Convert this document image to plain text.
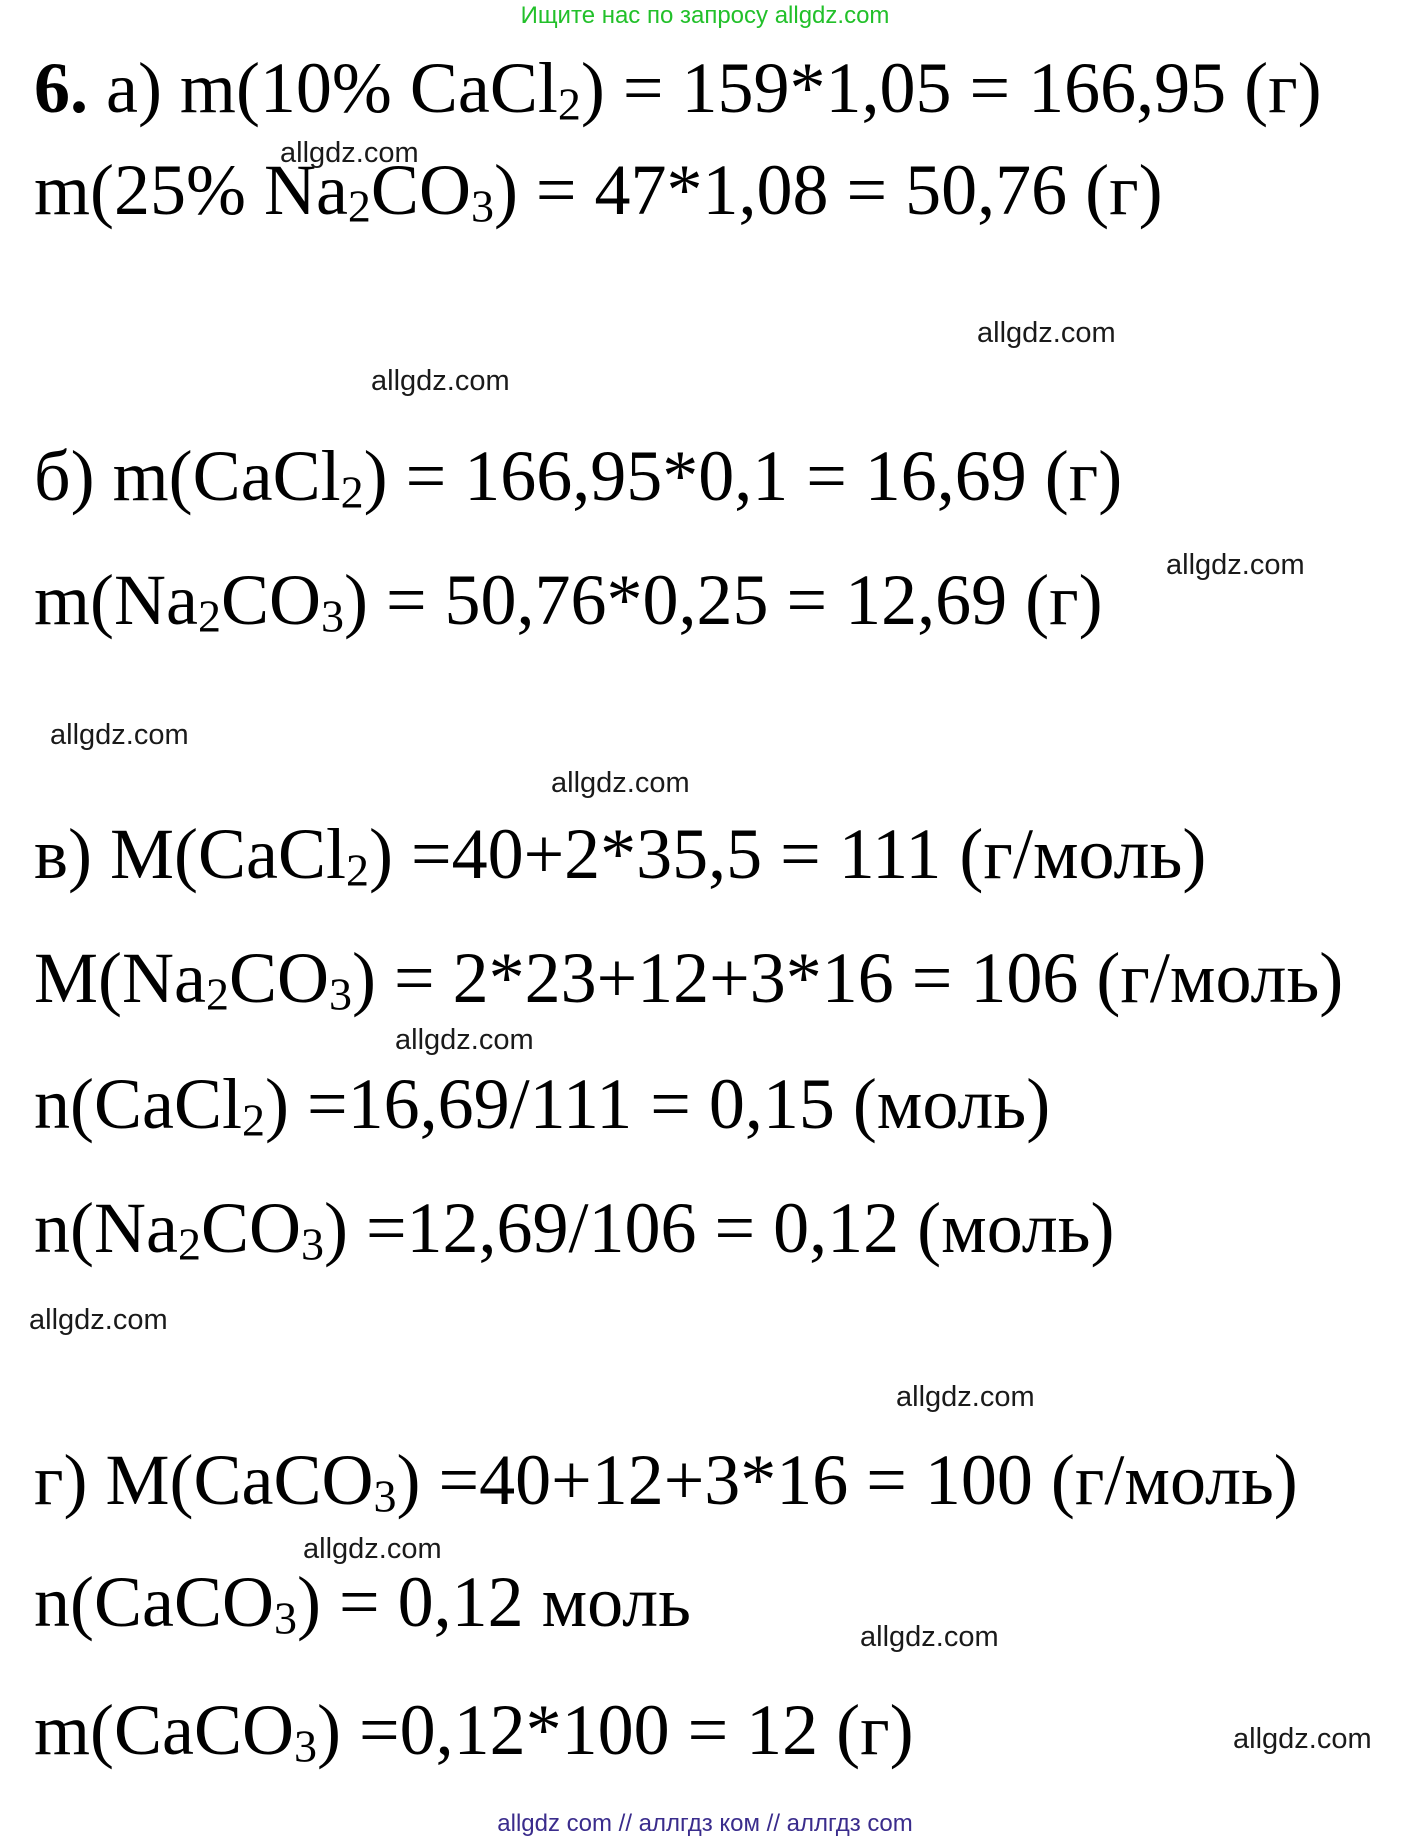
Ищите нас по запросу allgdz.com
6. а) m(10% CaCl$_2$) = 159*1,05 = 166,95 (г)
m(25% $Na_2CO_3) = 47*1,08 = 50,76$ (г)
б) m(CaCl$_2$) = 166,95*0,1 = 16,69 (г)
$m(Na_2CO_3) = 50,76*0,25 = 12,69$ (г)
в) M(CaCl$_2$) =40+2*35,5 = 111 (г/моль)
$M(Na_2CO_3) = 2*23+12+3*16 = 106$ (г/моль)
n(CaCl$_2$) =16,69/111 = 0,15 (моль)
$n(Na_2CO_3) =12,69/106 = 0,12$ (моль)
г) M(CaCO$_3$) =40+12+3*16 = 100 (г/моль)
n(CaCO$_3$) = 0,12 моль
m(CaCO$_3$) =0,12*100 = 12 (г)
allgdz.com
allgdz.com
allgdz.com
allgdz.com
allgdz.com
allgdz.com
allgdz.com
allgdz.com
allgdz.com
allgdz.com
allgdz.com
allgdz.com
allgdz com // аллгдз ком // аллгдз com
